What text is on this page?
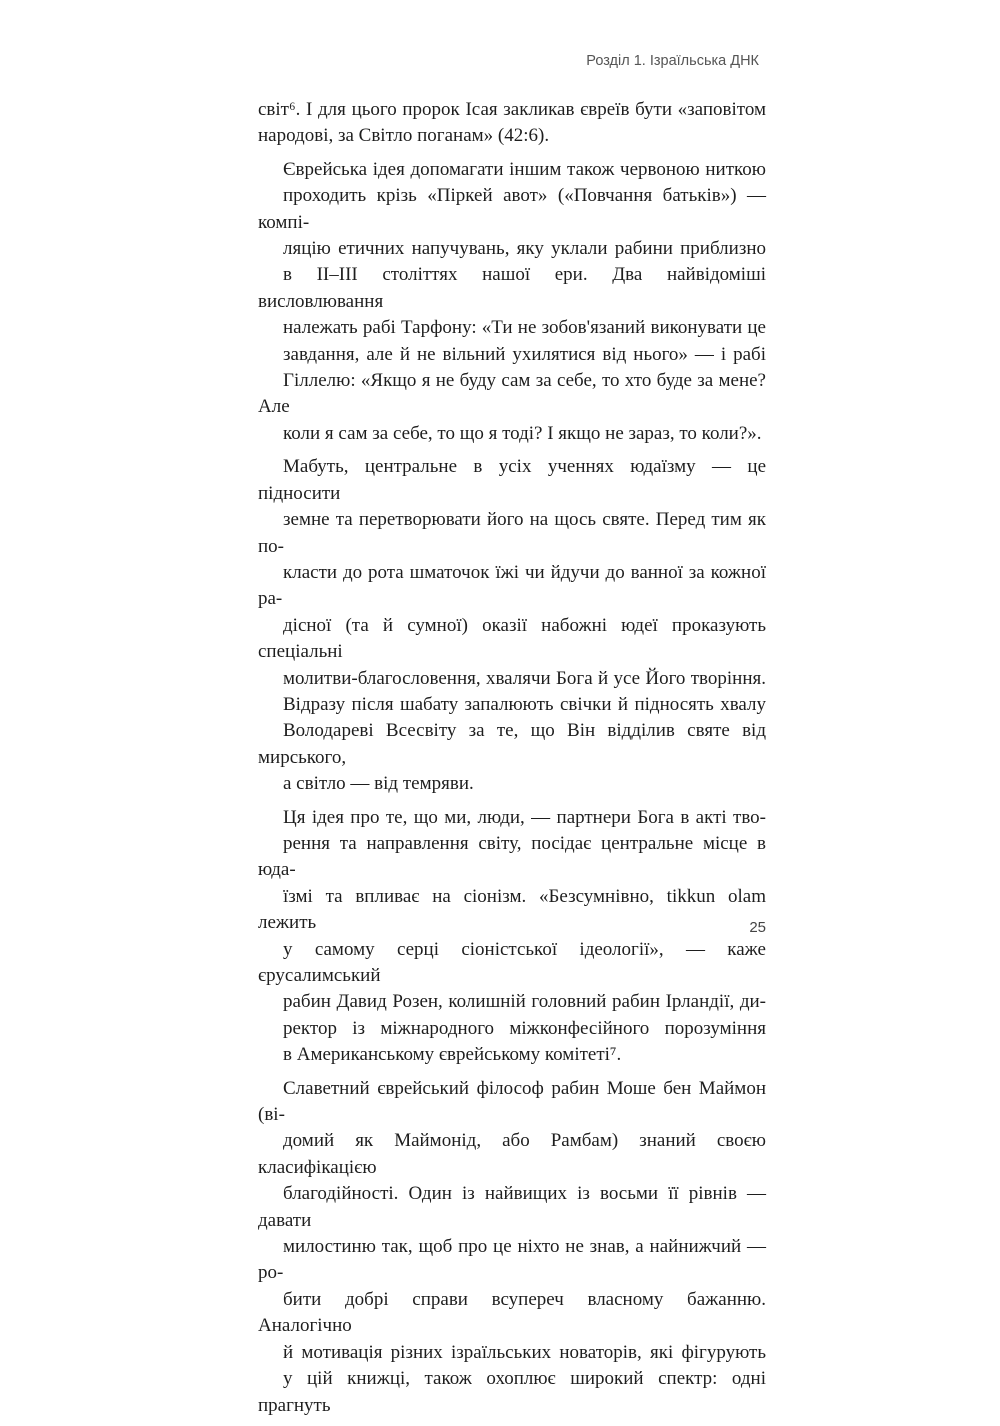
Розділ 1. Ізраїльська ДНК

світ⁶. І для цього пророк Ісая закликав євреїв бути «заповітом
народові, за Світло поганам» (42:6).

Єврейська ідея допомагати іншим також червоною ниткою
проходить крізь «Піркей авот» («Повчання батьків») — компі-
ляцію етичних напучувань, яку уклали рабини приблизно
в II–III століттях нашої ери. Два найвідоміші висловлювання
належать рабі Тарфону: «Ти не зобов'язаний виконувати це
завдання, але й не вільний ухилятися від нього» — і рабі
Гіллелю: «Якщо я не буду сам за себе, то хто буде за мене? Але
коли я сам за себе, то що я тоді? І якщо не зараз, то коли?».

Мабуть, центральне в усіх ученнях юдаїзму — це підносити
земне та перетворювати його на щось святе. Перед тим як по-
класти до рота шматочок їжі чи йдучи до ванної за кожної ра-
дісної (та й сумної) оказії набожні юдеї проказують спеціальні
молитви-благословення, хвалячи Бога й усе Його творіння.
Відразу після шабату запалюють свічки й підносять хвалу
Володареві Всесвіту за те, що Він відділив святе від мирського,
а світло — від темряви.

Ця ідея про те, що ми, люди, — партнери Бога в акті тво-
рення та направлення світу, посідає центральне місце в юда-
їзмі та впливає на сіонізм. «Безсумнівно, tikkun olam лежить
у самому серці сіоністської ідеології», — каже єрусалимський
рабин Давид Розен, колишній головний рабин Ірландії, ди-
ректор із міжнародного міжконфесійного порозуміння
в Американському єврейському комітеті⁷.

Славетний єврейський філософ рабин Моше бен Маймон (ві-
домий як Маймонід, або Рамбам) знаний своєю класифікацією
благодійності. Один із найвищих із восьми її рівнів — давати
милостиню так, щоб про це ніхто не знав, а найнижчий — ро-
бити добрі справи всупереч власному бажанню. Аналогічно
й мотивація різних ізраїльських новаторів, які фігурують
у цій книжці, також охоплює широкий спектр: одні прагнуть

25
